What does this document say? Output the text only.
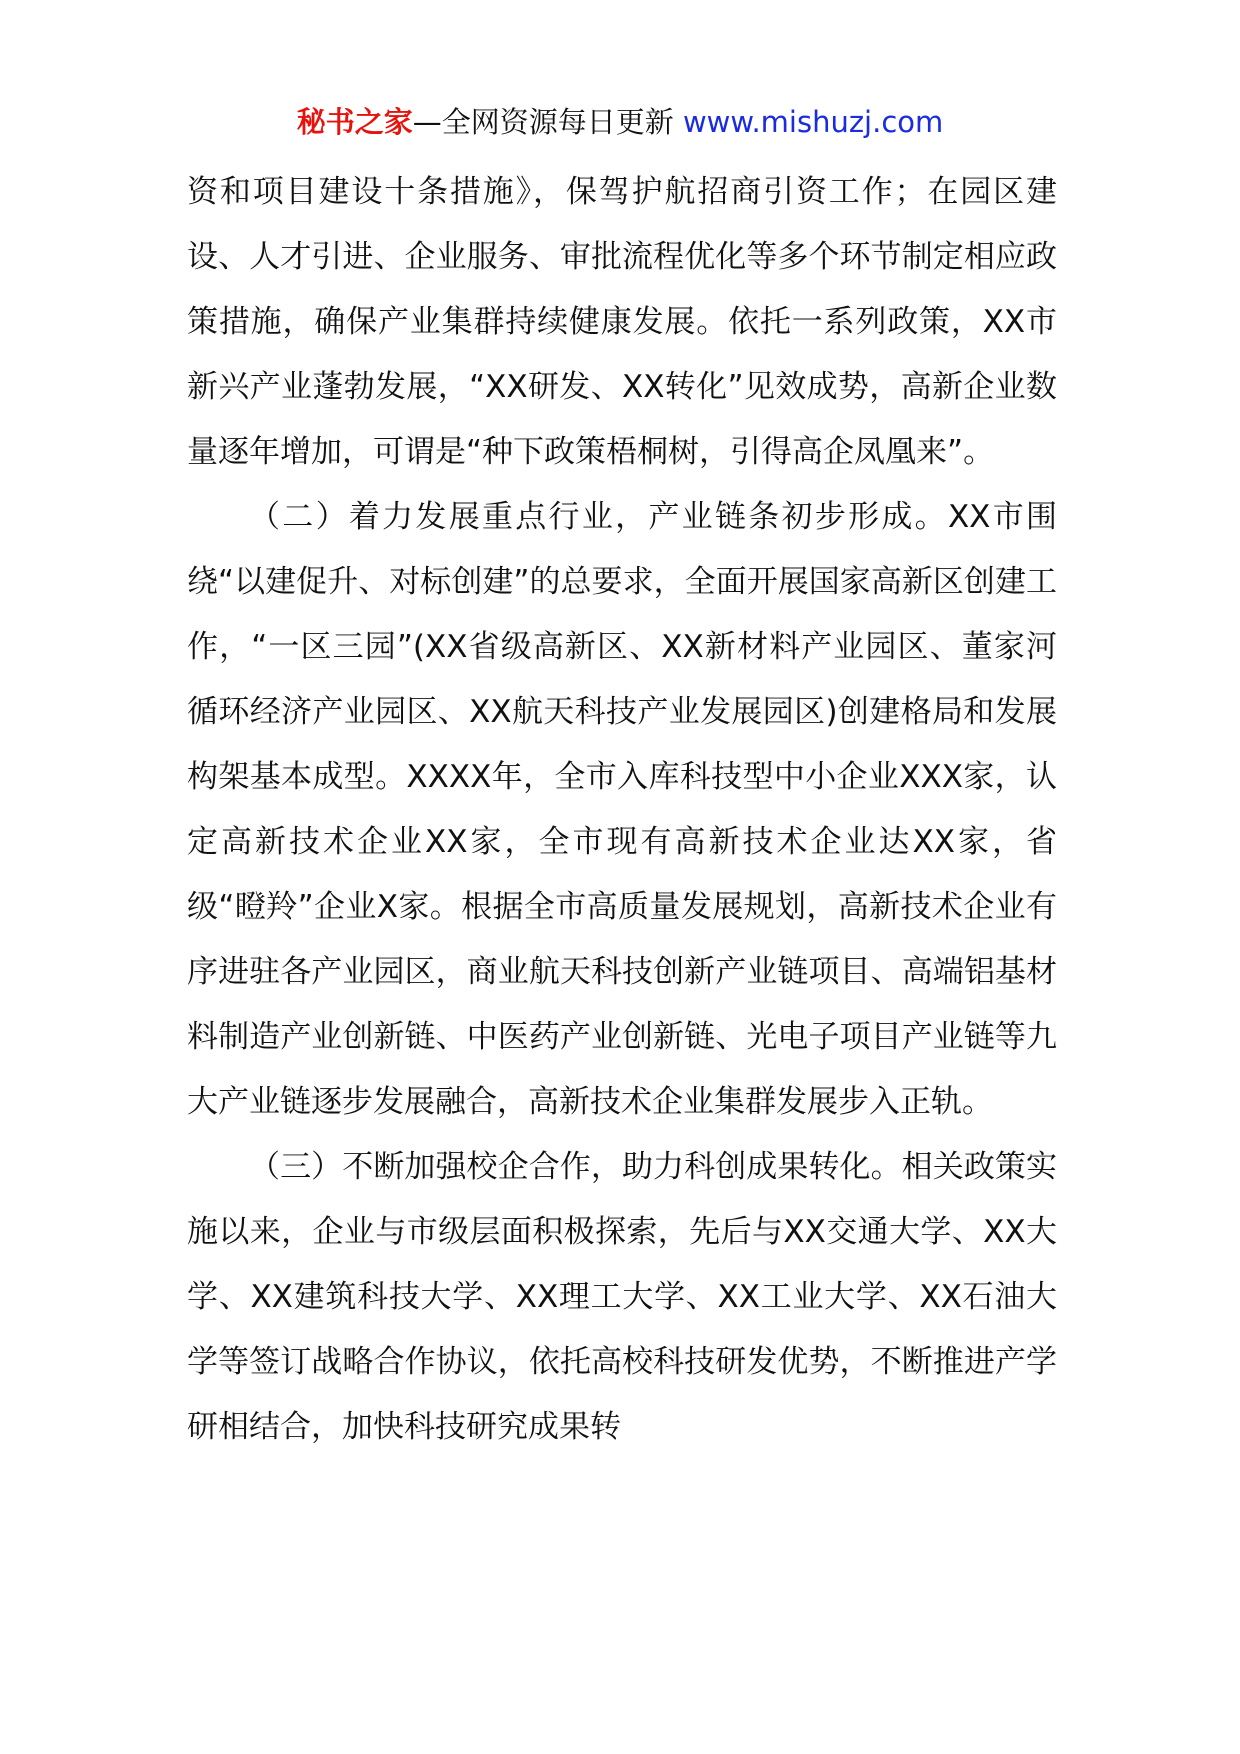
秘书之家—全网资源每日更新 www.mishuzj.com

资和项目建设十条措施》，保驾护航招商引资工作；在园区建设、人才引进、企业服务、审批流程优化等多个环节制定相应政策措施，确保产业集群持续健康发展。依托一系列政策，XX市新兴产业蓬勃发展，“XX研发、XX转化”见效成势，高新企业数量逐年增加，可谓是“种下政策梧桐树，引得高企凤凰来”。

（二）着力发展重点行业，产业链条初步形成。XX市围绕“以建促升、对标创建”的总要求，全面开展国家高新区创建工作，“一区三园”(XX省级高新区、XX新材料产业园区、董家河循环经济产业园区、XX航天科技产业发展园区)创建格局和发展构架基本成型。XXXX年，全市入库科技型中小企业XXX家，认定高新技术企业XX家，全市现有高新技术企业达XX家，省级“瞪羚”企业X家。根据全市高质量发展规划，高新技术企业有序进驻各产业园区，商业航天科技创新产业链项目、高端铝基材料制造产业创新链、中医药产业创新链、光电子项目产业链等九大产业链逐步发展融合，高新技术企业集群发展步入正轨。

（三）不断加强校企合作，助力科创成果转化。相关政策实施以来，企业与市级层面积极探索，先后与XX交通大学、XX大学、XX建筑科技大学、XX理工大学、XX工业大学、XX石油大学等签订战略合作协议，依托高校科技研发优势，不断推进产学研相结合，加快科技研究成果转
